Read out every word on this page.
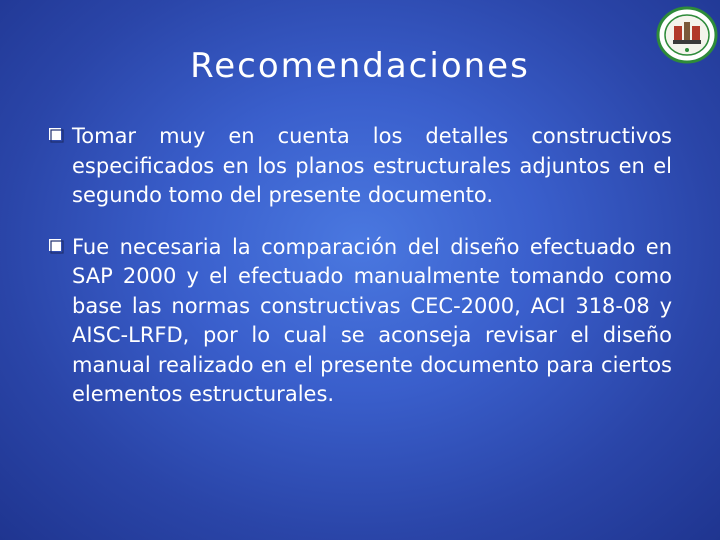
Recomendaciones
Tomar muy en cuenta los detalles constructivos especificados en los planos estructurales adjuntos en el segundo tomo del presente documento.
Fue necesaria la comparación del diseño efectuado en SAP 2000 y el efectuado manualmente tomando como base las normas constructivas CEC-2000, ACI 318-08 y AISC-LRFD, por lo cual se aconseja revisar el diseño manual realizado en el presente documento para ciertos elementos estructurales.
